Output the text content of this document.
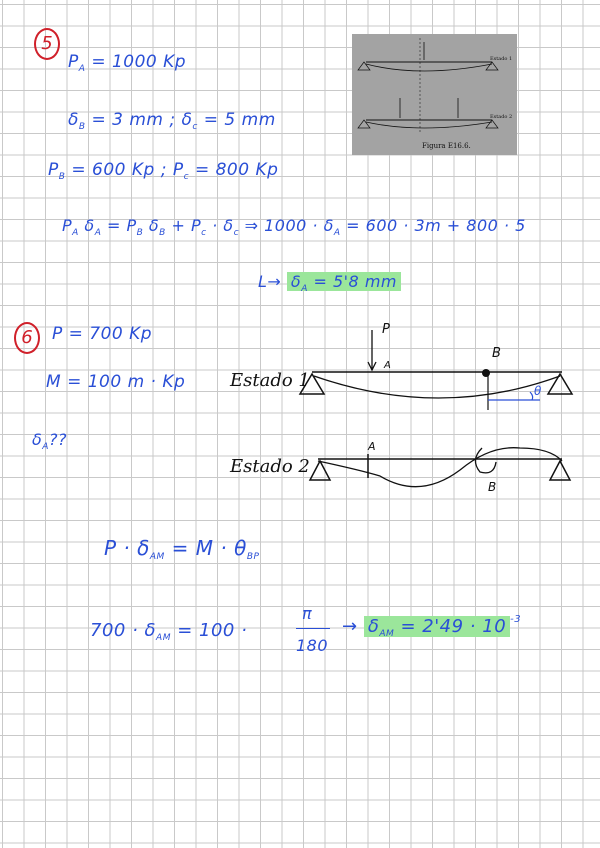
5
$P_A = 1000$ Kp
$\delta_B = 3$ mm ; $\delta_c = 5$ mm
$P_B = 600$ Kp ; $P_c = 800$ Kp
$P_A$ $\delta_A = P_B$ $\delta_B + P_c \cdot \delta_c$ ⇒ $1000 \cdot \delta_A = 600 \cdot 3m + 800 \cdot 5$
$L\to \delta_A = 5'8$ mm
Estado 1
Estado 2
Figura E16.6.
6	P = 700 Kp
M = 100 m · Kp
$\delta_A$??
Estado 1
Estado 2
P
A
B
θ
A
B
$P \cdot \delta_{AM} = M \cdot \theta_{BP}$
$700 \cdot \delta_{AM} = 100$ ·
π
180
→ $\delta_{AM} = 2'49 \cdot 10$ $^{-3}$
